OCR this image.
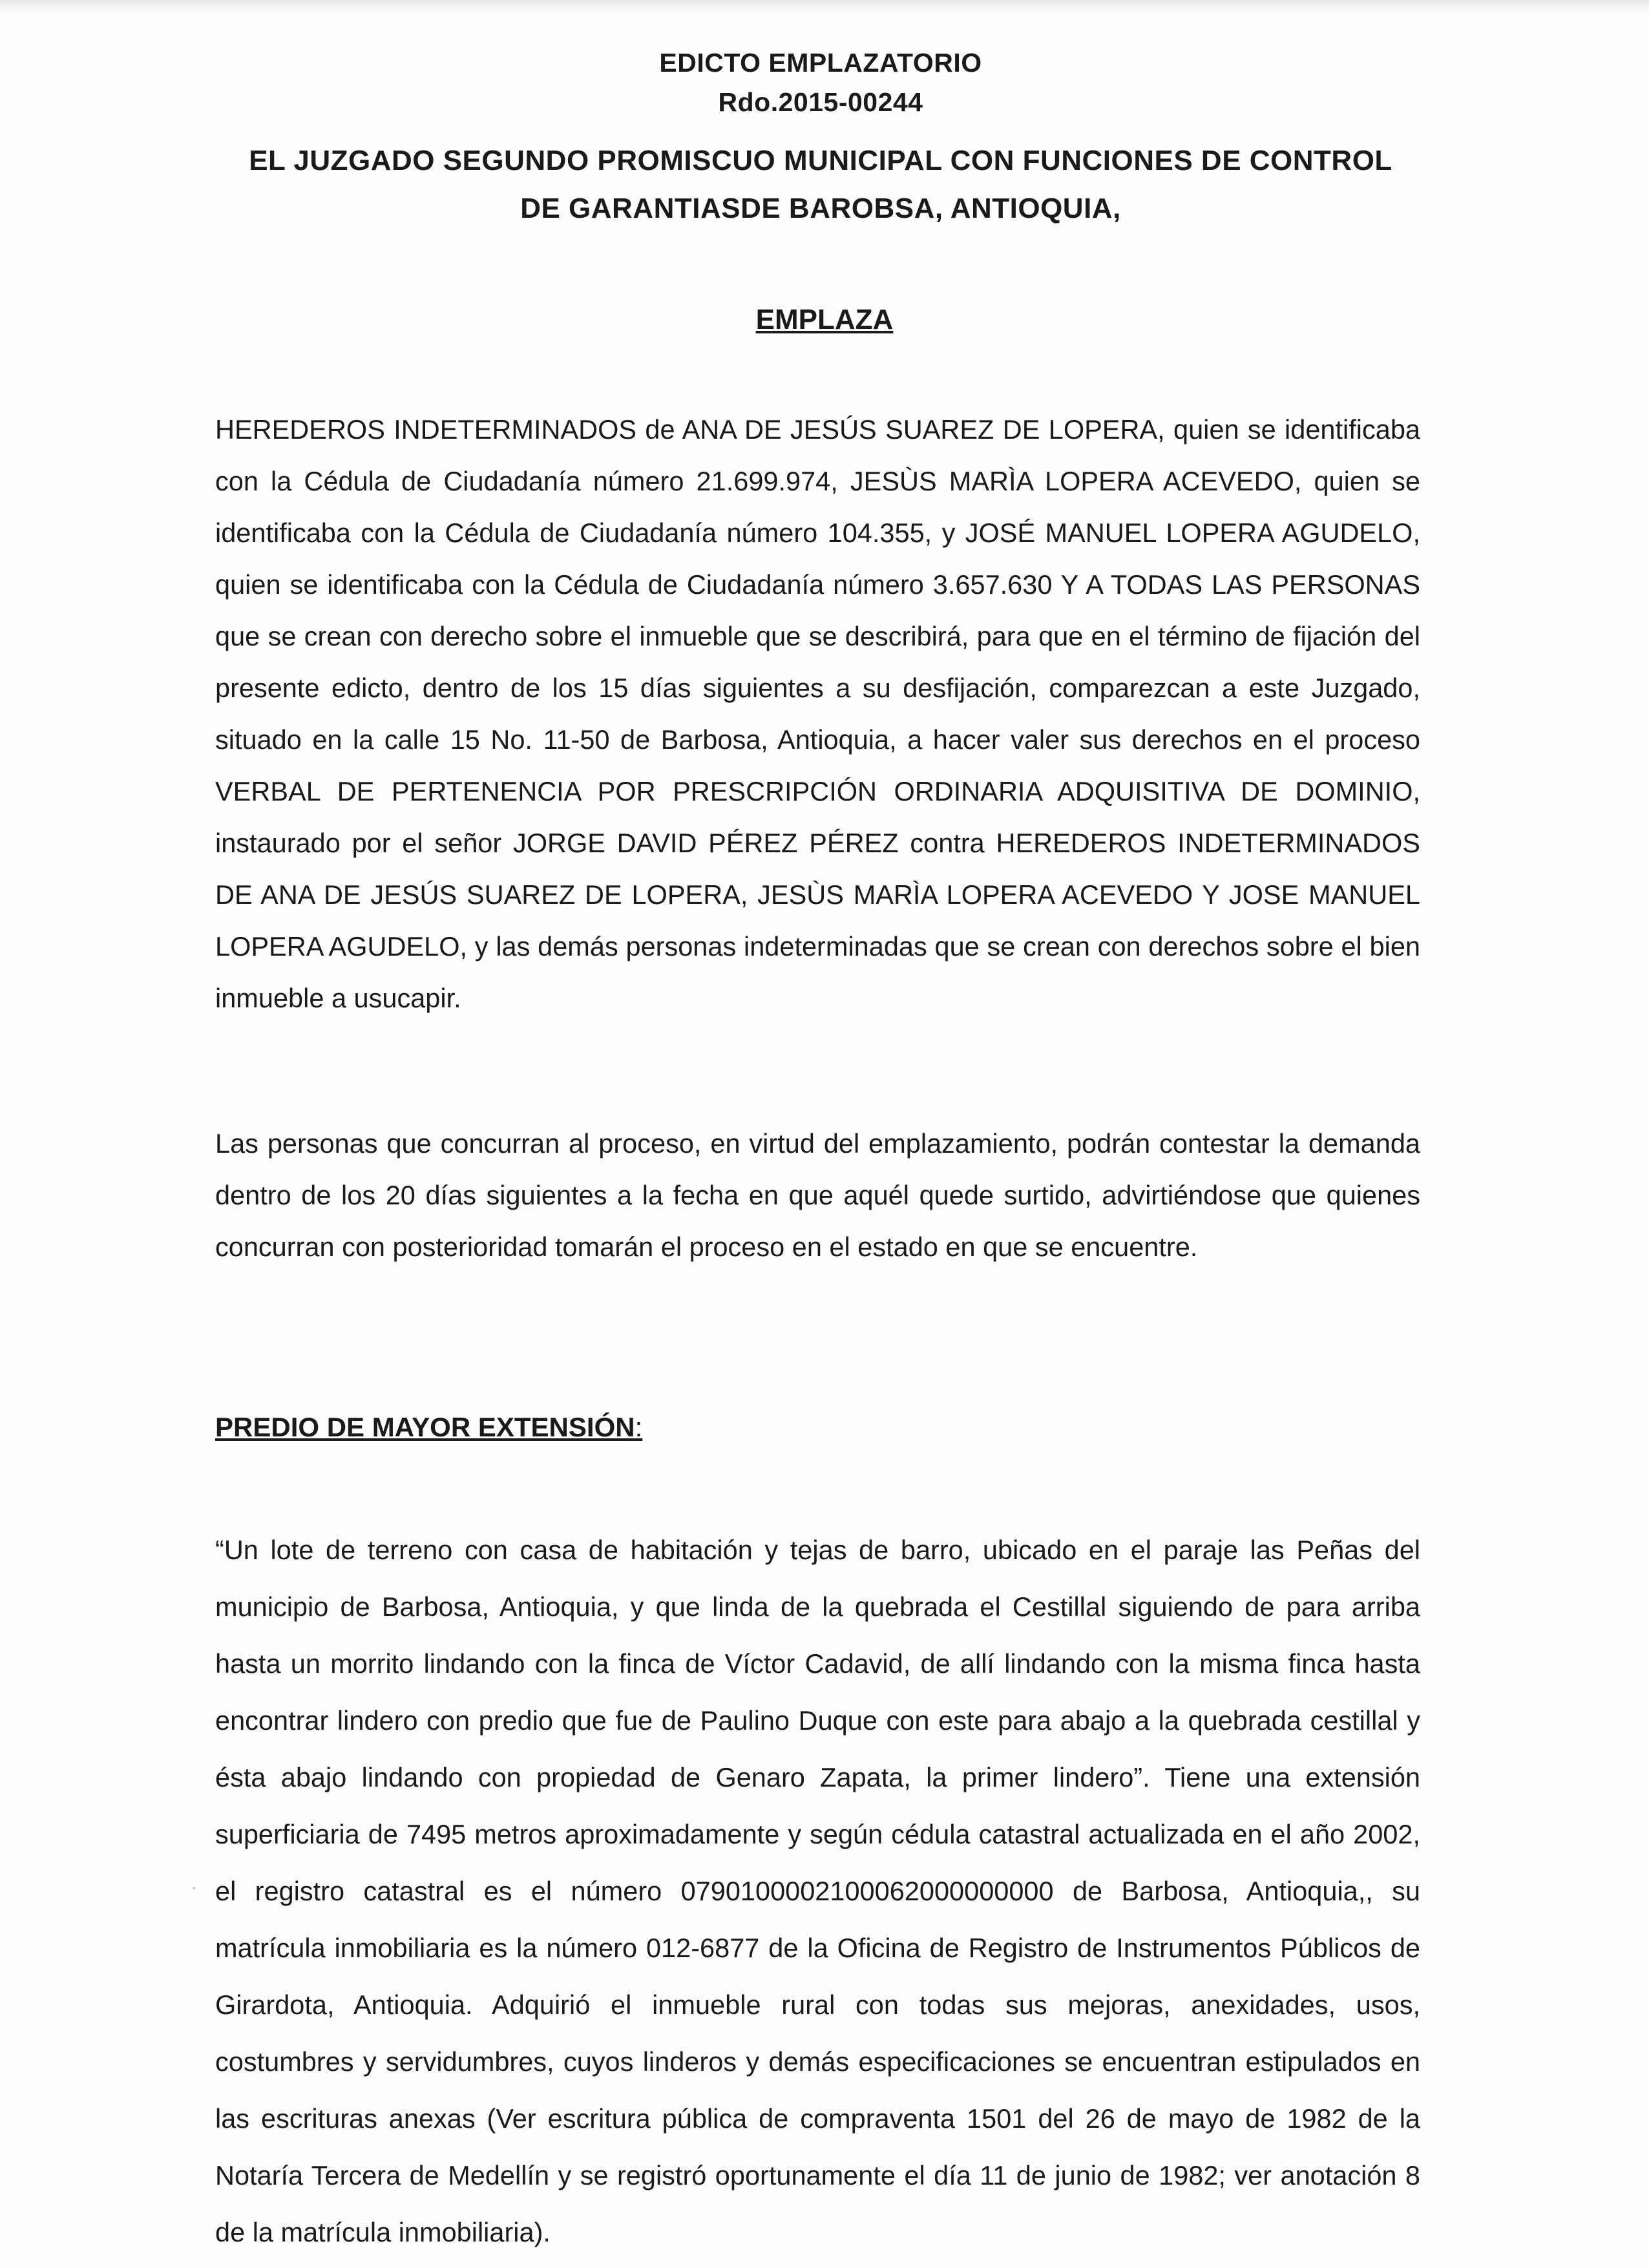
EDICTO EMPLAZATORIO
Rdo.2015-00244
EL JUZGADO SEGUNDO PROMISCUO MUNICIPAL CON FUNCIONES DE CONTROL
DE GARANTIASDE BAROBSA, ANTIOQUIA,
EMPLAZA

HEREDEROS INDETERMINADOS de ANA DE JESÚS SUAREZ DE LOPERA, quien se identificaba con la Cédula de Ciudadanía número 21.699.974, JESÙS MARÌA LOPERA ACEVEDO, quien se identificaba con la Cédula de Ciudadanía número 104.355, y JOSÉ MANUEL LOPERA AGUDELO, quien se identificaba con la Cédula de Ciudadanía número 3.657.630 Y A TODAS LAS PERSONAS que se crean con derecho sobre el inmueble que se describirá, para que en el término de fijación del presente edicto, dentro de los 15 días siguientes a su desfijación, comparezcan a este Juzgado, situado en la calle 15 No. 11-50 de Barbosa, Antioquia, a hacer valer sus derechos en el proceso VERBAL DE PERTENENCIA POR PRESCRIPCIÓN ORDINARIA ADQUISITIVA DE DOMINIO, instaurado por el señor JORGE DAVID PÉREZ PÉREZ contra HEREDEROS INDETERMINADOS DE ANA DE JESÚS SUAREZ DE LOPERA, JESÙS MARÌA LOPERA ACEVEDO Y JOSE MANUEL LOPERA AGUDELO, y las demás personas indeterminadas que se crean con derechos sobre el bien inmueble a usucapir.

Las personas que concurran al proceso, en virtud del emplazamiento, podrán contestar la demanda dentro de los 20 días siguientes a la fecha en que aquél quede surtido, advirtiéndose que quienes concurran con posterioridad tomarán el proceso en el estado en que se encuentre.

PREDIO DE MAYOR EXTENSIÓN:

“Un lote de terreno con casa de habitación y tejas de barro, ubicado en el paraje las Peñas del municipio de Barbosa, Antioquia, y que linda de la quebrada el Cestillal siguiendo de para arriba hasta un morrito lindando con la finca de Víctor Cadavid, de allí lindando con la misma finca hasta encontrar lindero con predio que fue de Paulino Duque con este para abajo a la quebrada cestillal y ésta abajo lindando con propiedad de Genaro Zapata, la primer lindero”. Tiene una extensión superficiaria de 7495 metros aproximadamente y según cédula catastral actualizada en el año 2002, el registro catastral es el número 0790100002100062000000000 de Barbosa, Antioquia,, su matrícula inmobiliaria es la número 012-6877 de la Oficina de Registro de Instrumentos Públicos de Girardota, Antioquia. Adquirió el inmueble rural con todas sus mejoras, anexidades, usos, costumbres y servidumbres, cuyos linderos y demás especificaciones se encuentran estipulados en las escrituras anexas (Ver escritura pública de compraventa 1501 del 26 de mayo de 1982 de la Notaría Tercera de Medellín y se registró oportunamente el día 11 de junio de 1982; ver anotación 8 de la matrícula inmobiliaria).
